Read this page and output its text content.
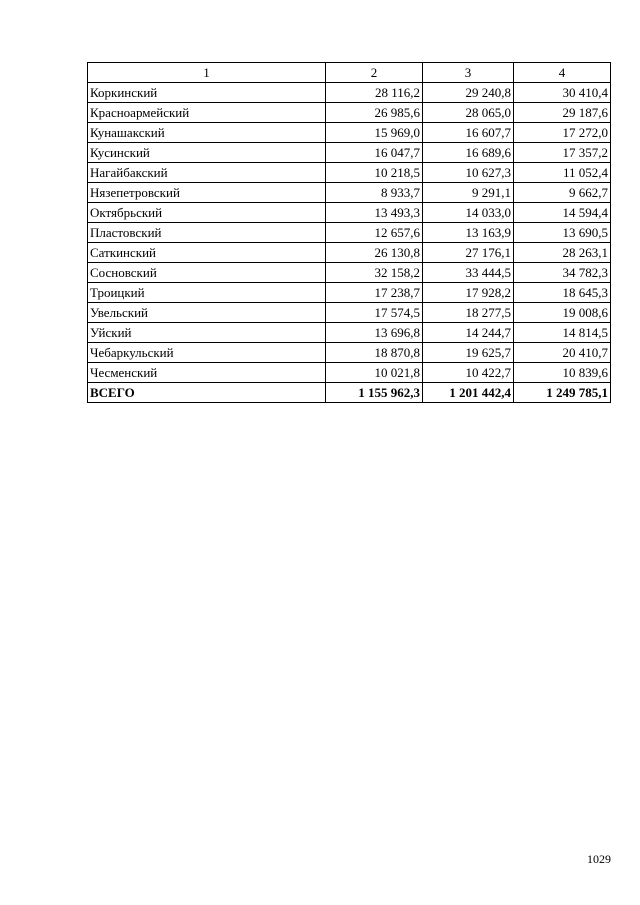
1	2	3	4
Коркинский	28 116,2	29 240,8	30 410,4
Красноармейский	26 985,6	28 065,0	29 187,6
Кунашакский	15 969,0	16 607,7	17 272,0
Кусинский	16 047,7	16 689,6	17 357,2
Нагайбакский	10 218,5	10 627,3	11 052,4
Нязепетровский	8 933,7	9 291,1	9 662,7
Октябрьский	13 493,3	14 033,0	14 594,4
Пластовский	12 657,6	13 163,9	13 690,5
Саткинский	26 130,8	27 176,1	28 263,1
Сосновский	32 158,2	33 444,5	34 782,3
Троицкий	17 238,7	17 928,2	18 645,3
Увельский	17 574,5	18 277,5	19 008,6
Уйский	13 696,8	14 244,7	14 814,5
Чебаркульский	18 870,8	19 625,7	20 410,7
Чесменский	10 021,8	10 422,7	10 839,6
ВСЕГО	1 155 962,3	1 201 442,4	1 249 785,1
1029
